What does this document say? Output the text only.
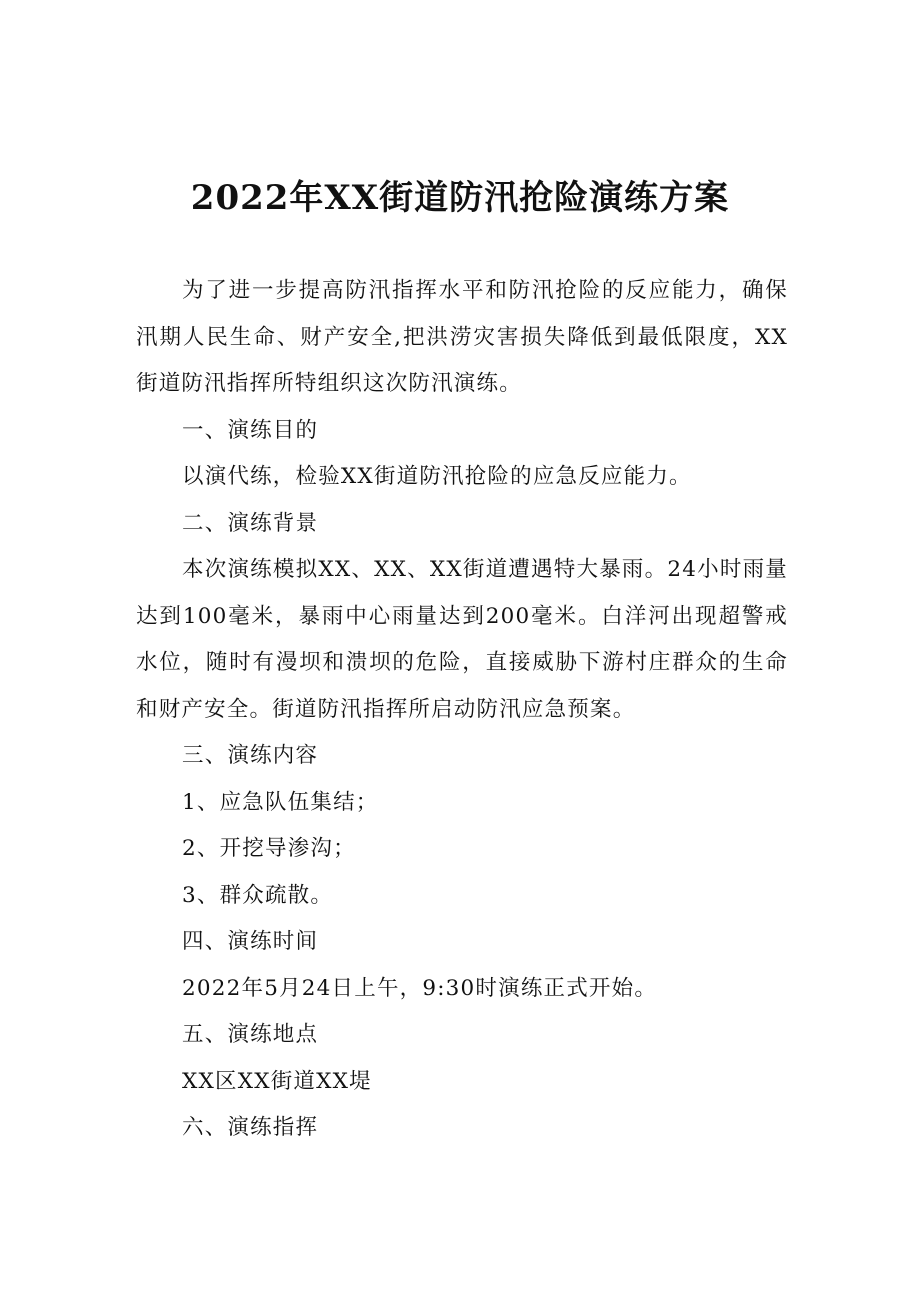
2022年XX街道防汛抢险演练方案

为了进一步提高防汛指挥水平和防汛抢险的反应能力，确保汛期人民生命、财产安全,把洪涝灾害损失降低到最低限度，XX街道防汛指挥所特组织这次防汛演练。

一、演练目的

以演代练，检验XX街道防汛抢险的应急反应能力。

二、演练背景

本次演练模拟XX、XX、XX街道遭遇特大暴雨。24小时雨量达到100毫米，暴雨中心雨量达到200毫米。白洋河出现超警戒水位，随时有漫坝和溃坝的危险，直接威胁下游村庄群众的生命和财产安全。街道防汛指挥所启动防汛应急预案。

三、演练内容

1、应急队伍集结；

2、开挖导渗沟；

3、群众疏散。

四、演练时间

2022年5月24日上午，9:30时演练正式开始。

五、演练地点

XX区XX街道XX堤

六、演练指挥
